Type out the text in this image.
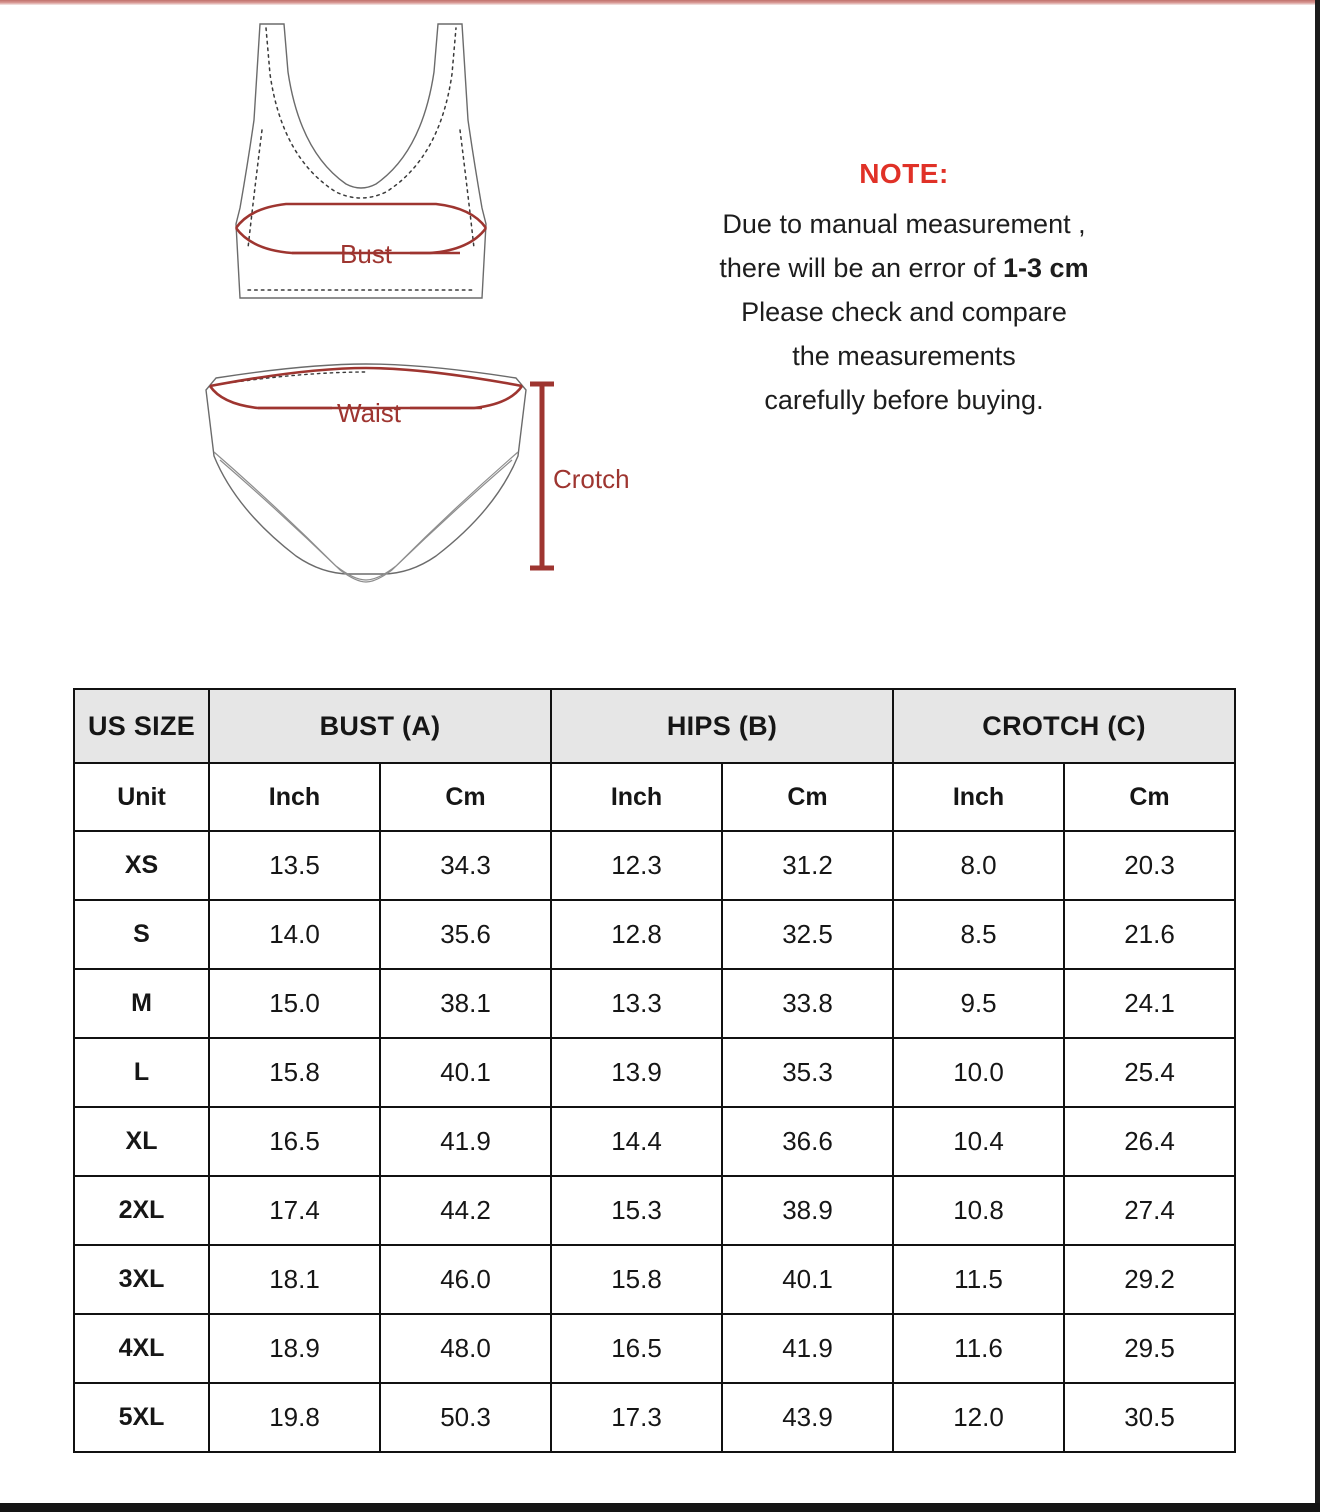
Bust
Waist
Crotch
NOTE:
Due to manual measurement ,
there will be an error of 1-3 cm
Please check and compare
the measurements
carefully before buying.
US SIZE	BUST (A)		HIPS (B)		CROTCH (C)	
Unit	Inch	Cm	Inch	Cm	Inch	Cm
XS	13.5	34.3	12.3	31.2	8.0	20.3
S	14.0	35.6	12.8	32.5	8.5	21.6
M	15.0	38.1	13.3	33.8	9.5	24.1
L	15.8	40.1	13.9	35.3	10.0	25.4
XL	16.5	41.9	14.4	36.6	10.4	26.4
2XL	17.4	44.2	15.3	38.9	10.8	27.4
3XL	18.1	46.0	15.8	40.1	11.5	29.2
4XL	18.9	48.0	16.5	41.9	11.6	29.5
5XL	19.8	50.3	17.3	43.9	12.0	30.5
